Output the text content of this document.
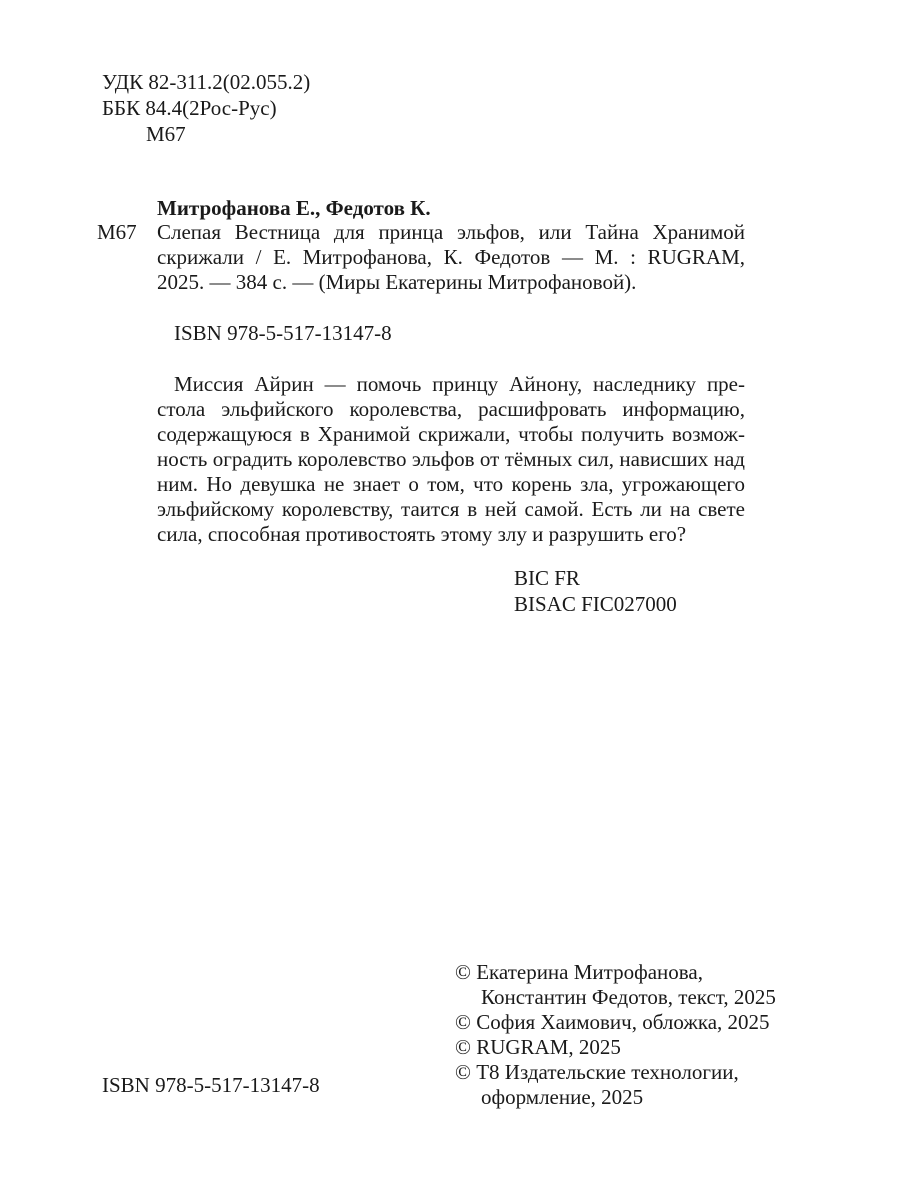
УДК 82-311.2(02.055.2)
ББК 84.4(2Рос-Рус)
М67
Митрофанова Е., Федотов К.
М67 Слепая Вестница для принца эльфов, или Тайна Хранимой
скрижали / Е. Митрофанова, К. Федотов — М. : RUGRAM,
2025. — 384 с. — (Миры Екатерины Митрофановой).
ISBN 978-5-517-13147-8
Миссия Айрин — помочь принцу Айнону, наследнику пре-
стола эльфийского королевства, расшифровать информацию,
содержащуюся в Хранимой скрижали, чтобы получить возмож-
ность оградить королевство эльфов от тёмных сил, нависших над
ним. Но девушка не знает о том, что корень зла, угрожающего
эльфийскому королевству, таится в ней самой. Есть ли на свете
сила, способная противостоять этому злу и разрушить его?
BIC FR
BISAC FIC027000
ISBN 978-5-517-13147-8
© Екатерина Митрофанова,
Константин Федотов, текст, 2025
© София Хаимович, обложка, 2025
© RUGRAM, 2025
© Т8 Издательские технологии,
оформление, 2025
